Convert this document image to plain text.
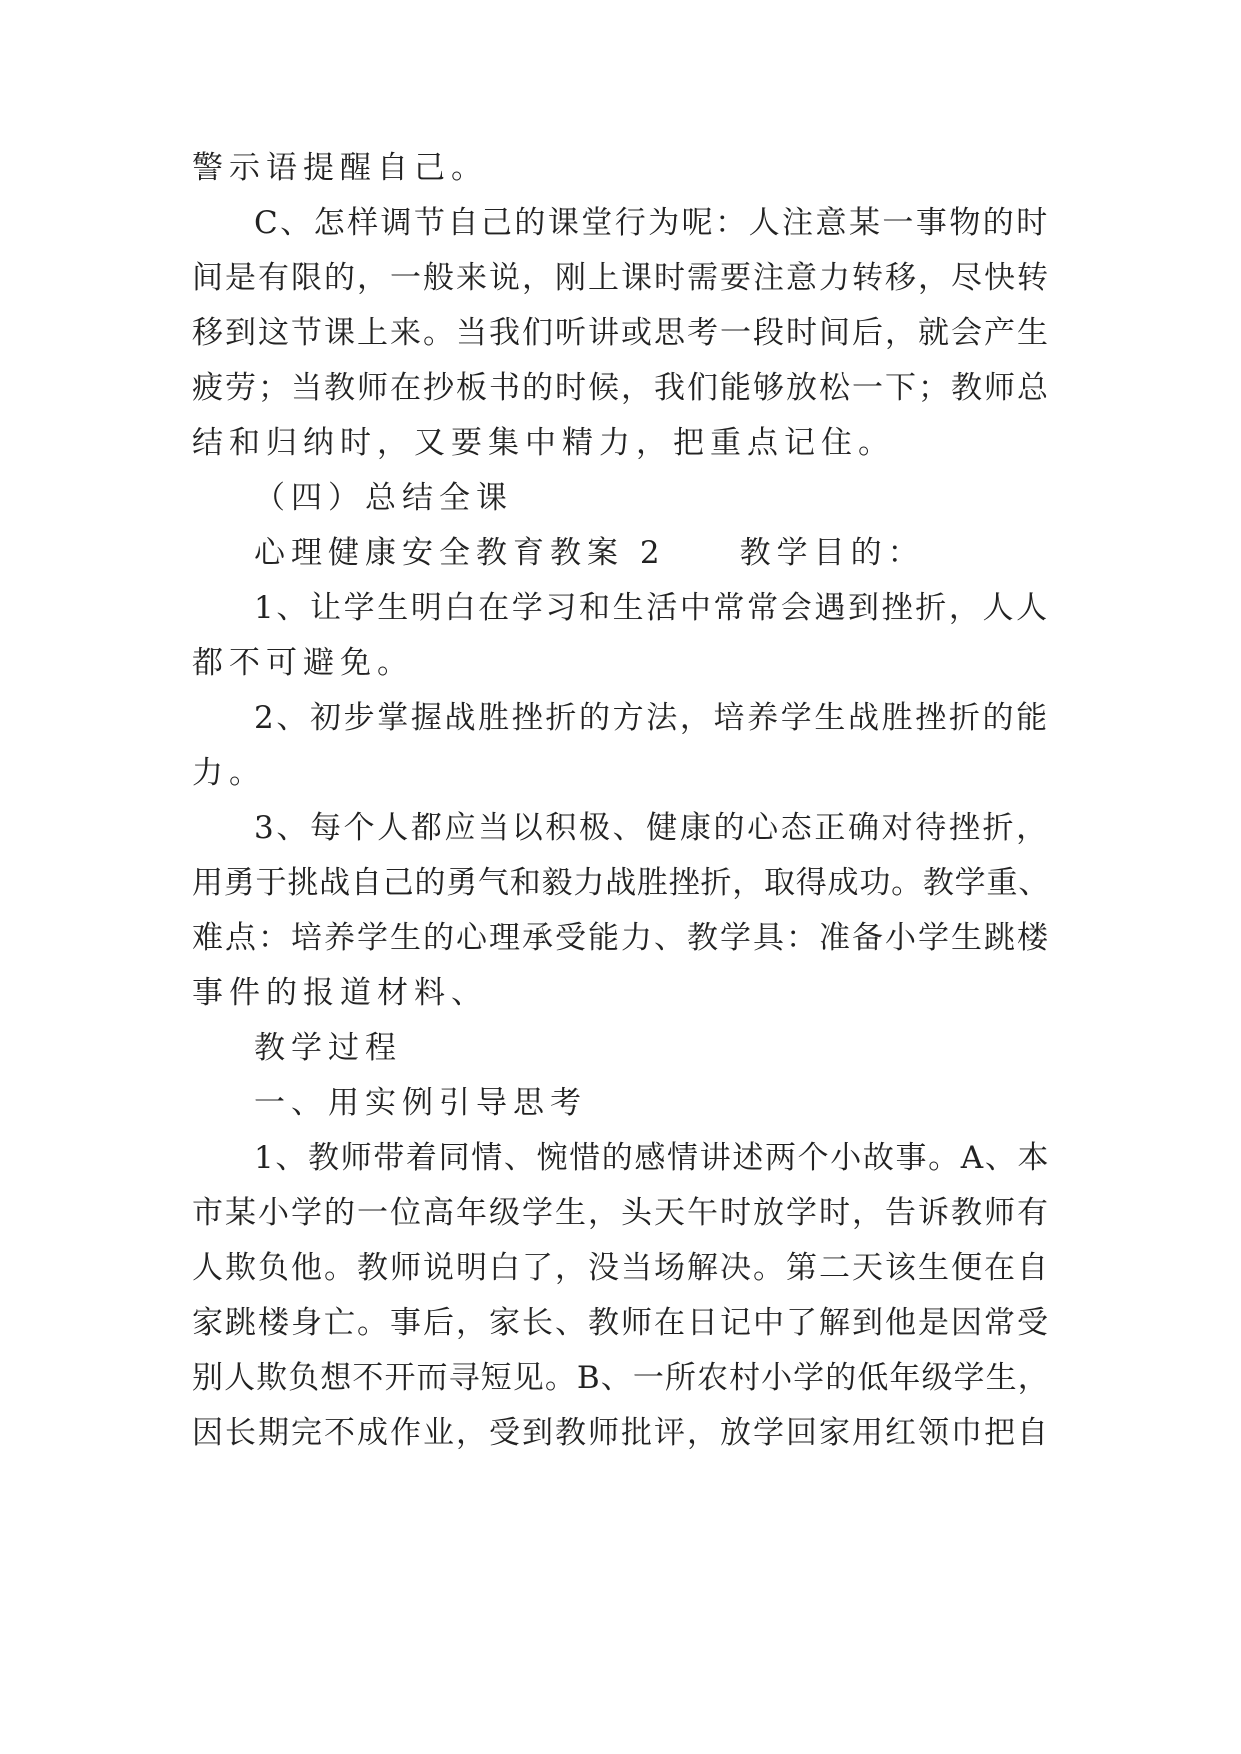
警示语提醒自己。
C、怎样调节自己的课堂行为呢：人注意某一事物的时
间是有限的，一般来说，刚上课时需要注意力转移，尽快转
移到这节课上来。当我们听讲或思考一段时间后，就会产生
疲劳；当教师在抄板书的时候，我们能够放松一下；教师总
结和归纳时，又要集中精力，把重点记住。
（四）总结全课
心理健康安全教育教案 2　　教学目的：
1、让学生明白在学习和生活中常常会遇到挫折，人人
都不可避免。
2、初步掌握战胜挫折的方法，培养学生战胜挫折的能
力。
3、每个人都应当以积极、健康的心态正确对待挫折，
用勇于挑战自己的勇气和毅力战胜挫折，取得成功。教学重、
难点：培养学生的心理承受能力、教学具：准备小学生跳楼
事件的报道材料、
教学过程
一、用实例引导思考
1、教师带着同情、惋惜的感情讲述两个小故事。A、本
市某小学的一位高年级学生，头天午时放学时，告诉教师有
人欺负他。教师说明白了，没当场解决。第二天该生便在自
家跳楼身亡。事后，家长、教师在日记中了解到他是因常受
别人欺负想不开而寻短见。B、一所农村小学的低年级学生，
因长期完不成作业，受到教师批评，放学回家用红领巾把自
